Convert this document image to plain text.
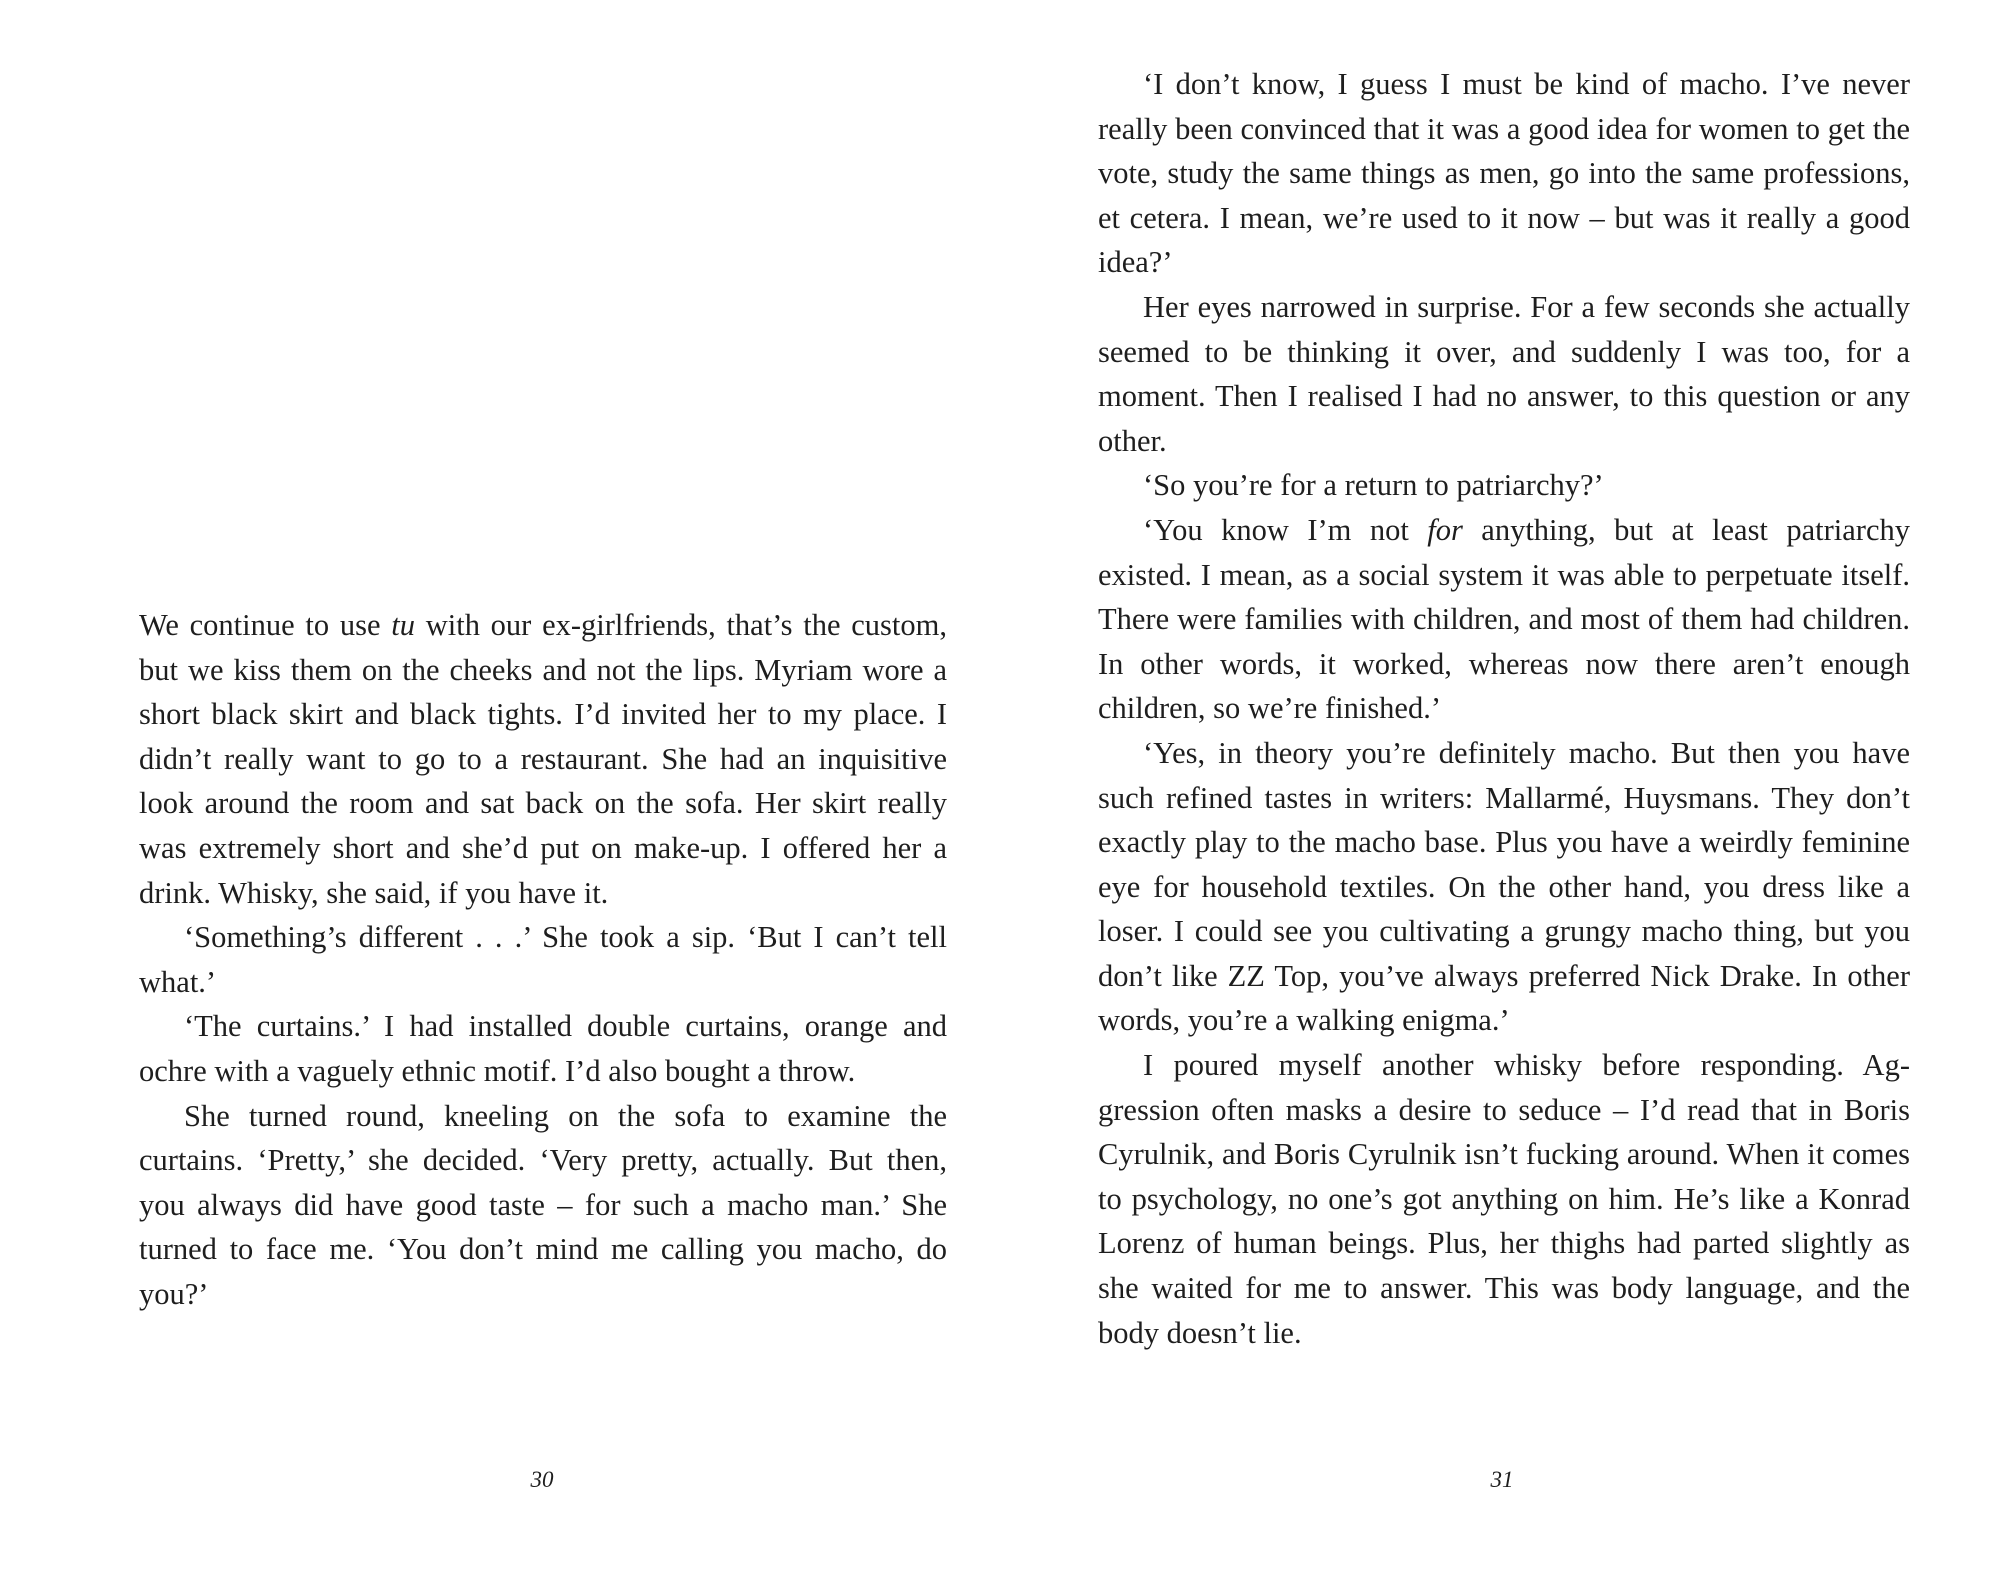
We continue to use tu with our ex-girlfriends, that’s the custom, but we kiss them on the cheeks and not the lips. Myriam wore a short black skirt and black tights. I’d invited her to my place. I didn’t really want to go to a restaurant. She had an inquisitive look around the room and sat back on the sofa. Her skirt really was extremely short and she’d put on make-up. I offered her a drink. Whisky, she said, if you have it.

‘Something’s different . . .’ She took a sip. ‘But I can’t tell what.’

‘The curtains.’ I had installed double curtains, orange and ochre with a vaguely ethnic motif. I’d also bought a throw.

She turned round, kneeling on the sofa to examine the curtains. ‘Pretty,’ she decided. ‘Very pretty, actually. But then, you always did have good taste – for such a macho man.’ She turned to face me. ‘You don’t mind me calling you macho, do you?’

30

‘I don’t know, I guess I must be kind of macho. I’ve never really been convinced that it was a good idea for women to get the vote, study the same things as men, go into the same professions, et cetera. I mean, we’re used to it now – but was it really a good idea?’

Her eyes narrowed in surprise. For a few seconds she actually seemed to be thinking it over, and suddenly I was too, for a moment. Then I realised I had no answer, to this question or any other.

‘So you’re for a return to patriarchy?’

‘You know I’m not for anything, but at least patriarchy existed. I mean, as a social system it was able to perpetuate itself. There were families with children, and most of them had children. In other words, it worked, whereas now there aren’t enough children, so we’re finished.’

‘Yes, in theory you’re definitely macho. But then you have such refined tastes in writers: Mallarmé, Huysmans. They don’t exactly play to the macho base. Plus you have a weirdly feminine eye for household textiles. On the other hand, you dress like a loser. I could see you cultivating a grungy macho thing, but you don’t like ZZ Top, you’ve always preferred Nick Drake. In other words, you’re a walking enigma.’

I poured myself another whisky before responding. Aggression often masks a desire to seduce – I’d read that in Boris Cyrulnik, and Boris Cyrulnik isn’t fucking around. When it comes to psychology, no one’s got anything on him. He’s like a Konrad Lorenz of human beings. Plus, her thighs had parted slightly as she waited for me to answer. This was body language, and the body doesn’t lie.

31
